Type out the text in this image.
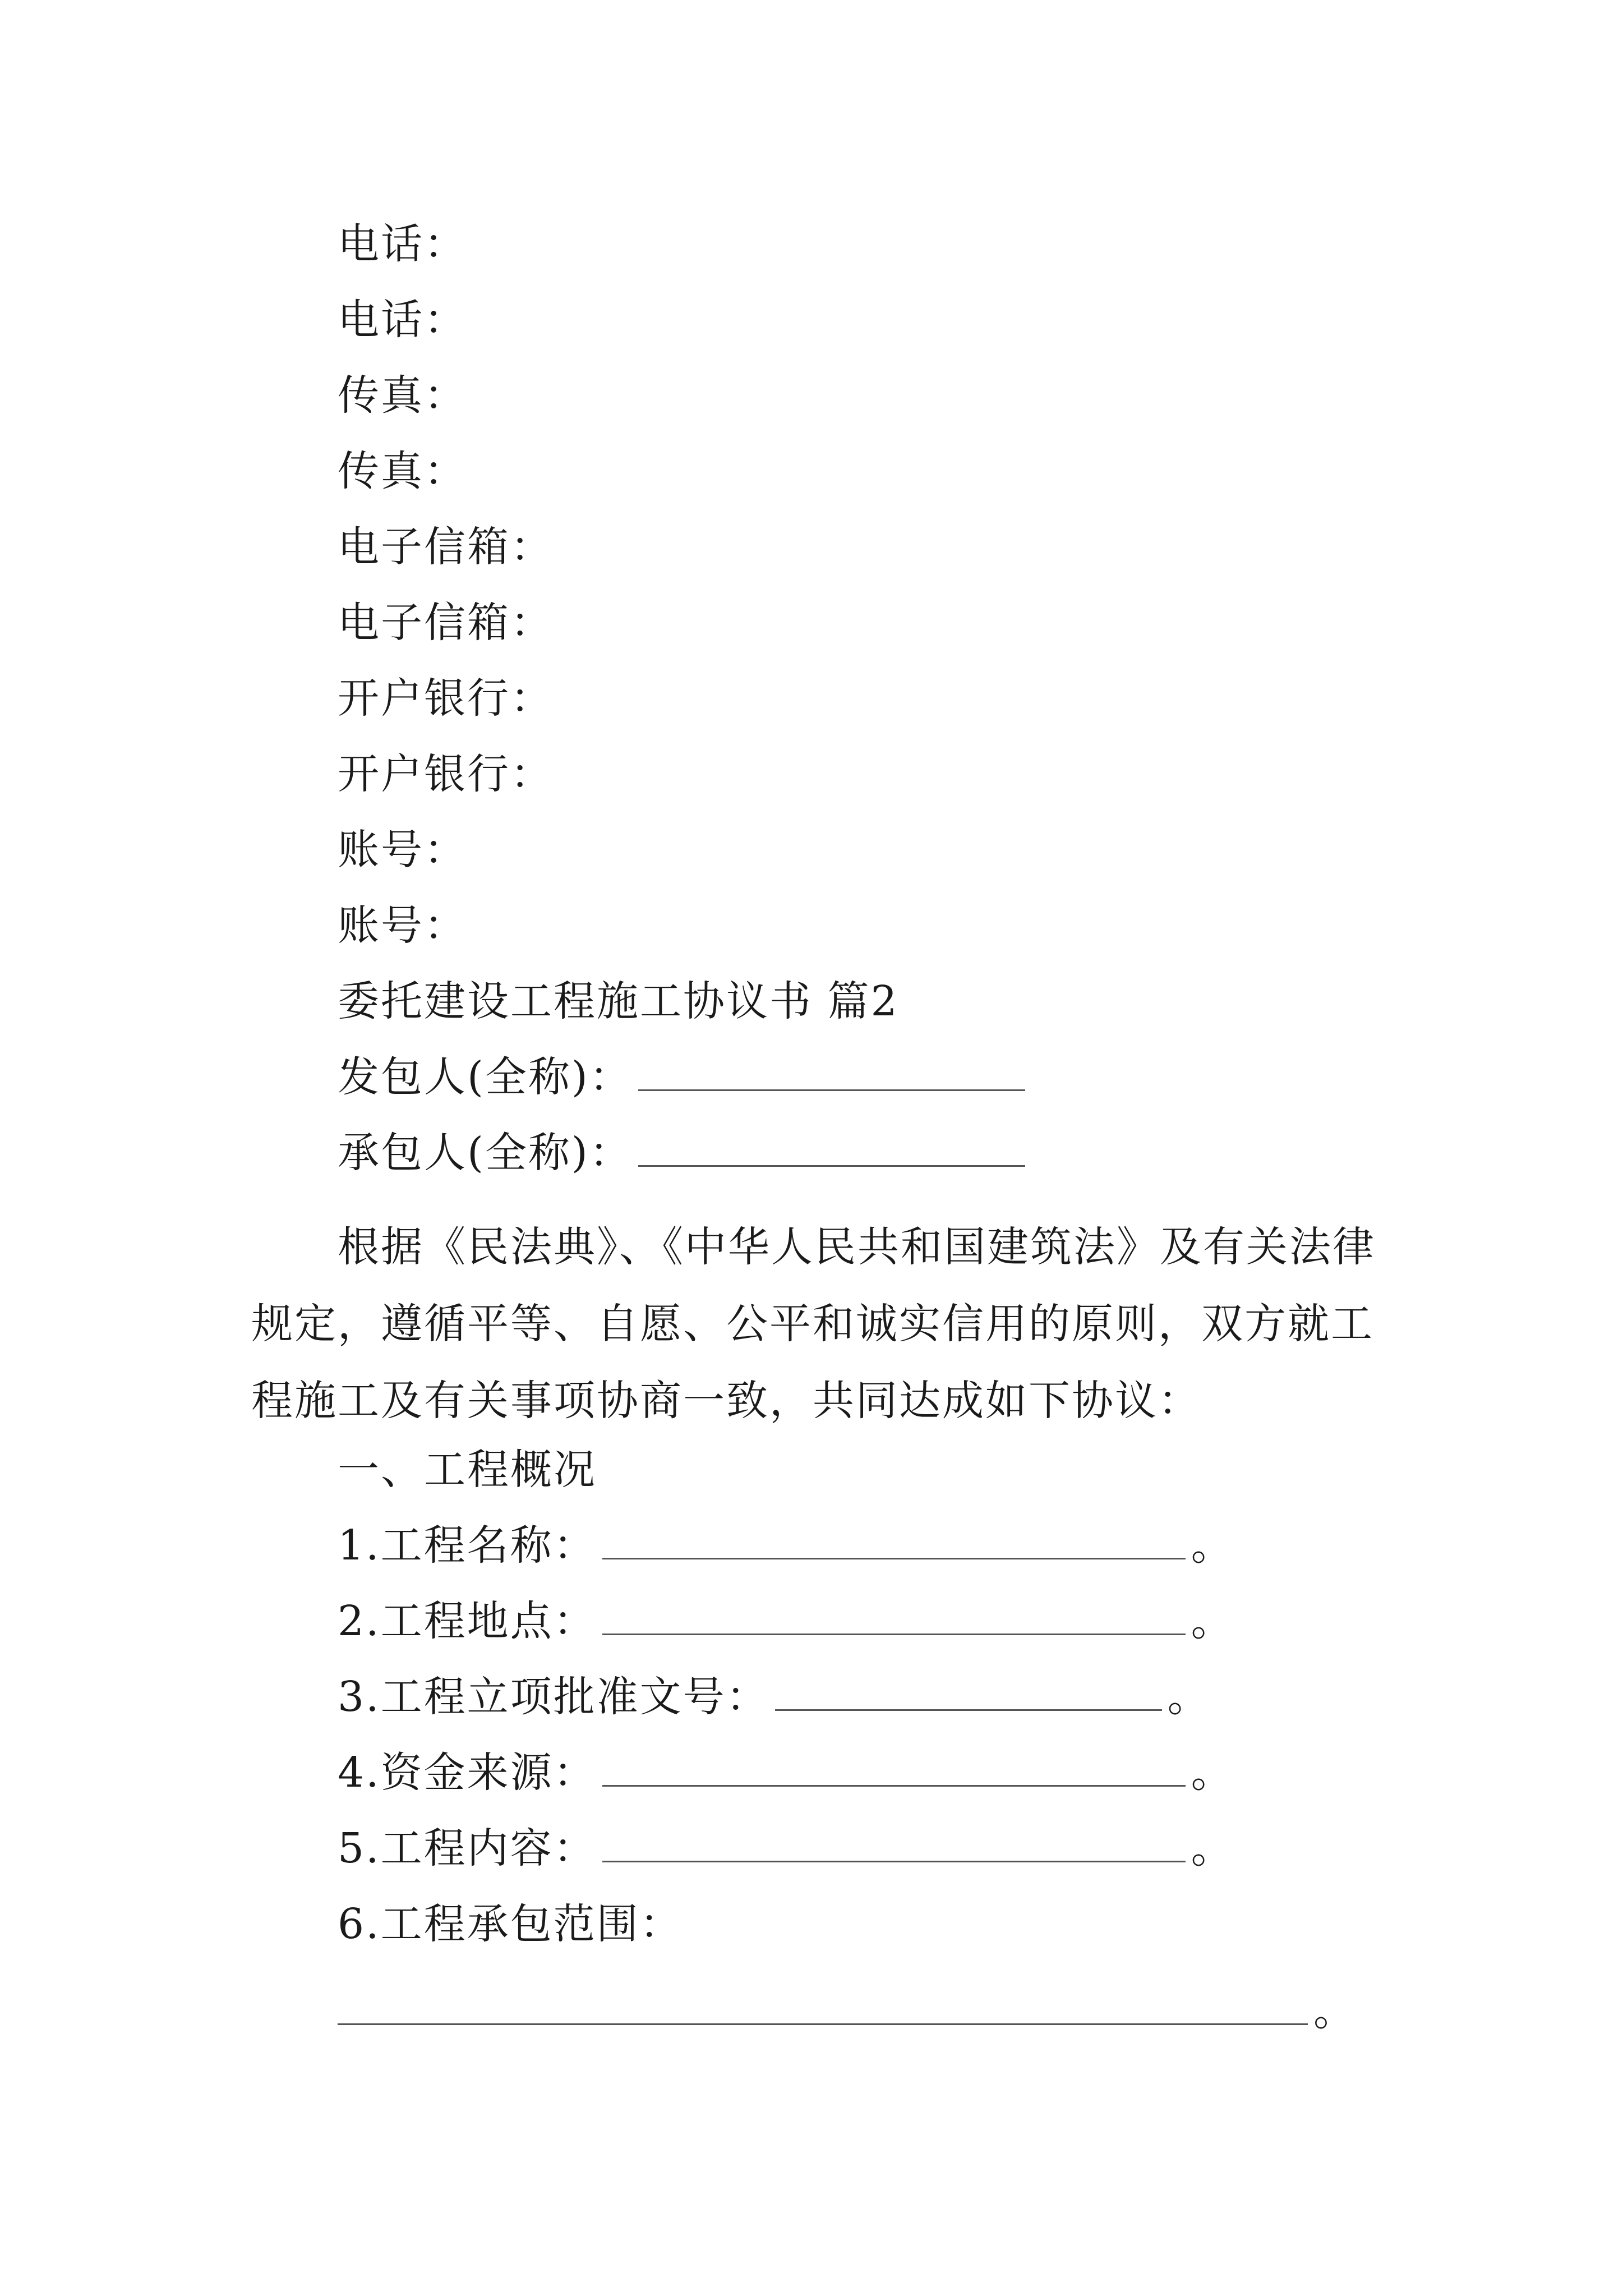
电话：
电话：
传真：
传真：
电子信箱：
电子信箱：
开户银行：
开户银行：
账号：
账号：
委托建设工程施工协议书 篇2
发包人(全称)：
承包人(全称)：
根据《民法典》、《中华人民共和国建筑法》及有关法律规定，遵循平等、自愿、公平和诚实信用的原则，双方就工程施工及有关事项协商一致，共同达成如下协议：
一、工程概况
1.工程名称：	。
2.工程地点：	。
3.工程立项批准文号：	。
4.资金来源：	。
5.工程内容：	。
6.工程承包范围：
。
